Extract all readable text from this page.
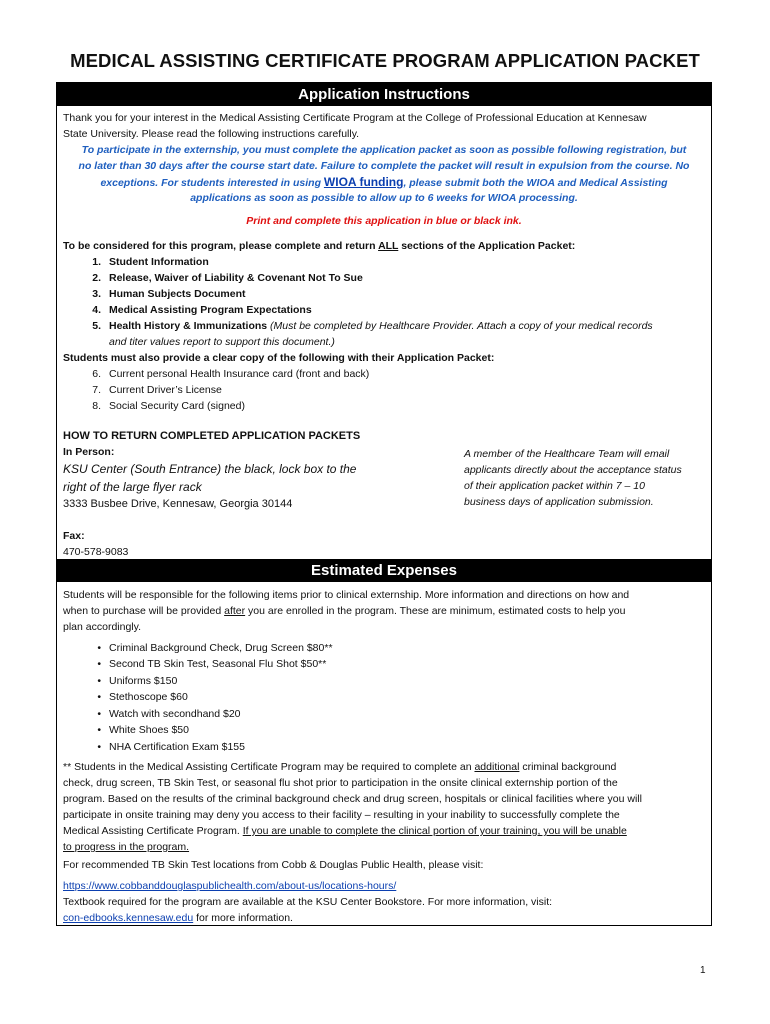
MEDICAL ASSISTING CERTIFICATE PROGRAM APPLICATION PACKET
Application Instructions
Thank you for your interest in the Medical Assisting Certificate Program at the College of Professional Education at Kennesaw
State University. Please read the following instructions carefully.
To participate in the externship, you must complete the application packet as soon as possible following registration, but
no later than 30 days after the course start date. Failure to complete the packet will result in expulsion from the course. No
exceptions. For students interested in using WIOA funding, please submit both the WIOA and Medical Assisting
applications as soon as possible to allow up to 6 weeks for WIOA processing.
Print and complete this application in blue or black ink.
To be considered for this program, please complete and return ALL sections of the Application Packet:
1. Student Information
2. Release, Waiver of Liability & Covenant Not To Sue
3. Human Subjects Document
4. Medical Assisting Program Expectations
5. Health History & Immunizations (Must be completed by Healthcare Provider. Attach a copy of your medical records
and titer values report to support this document.)
Students must also provide a clear copy of the following with their Application Packet:
6. Current personal Health Insurance card (front and back)
7. Current Driver’s License
8. Social Security Card (signed)
HOW TO RETURN COMPLETED APPLICATION PACKETS
In Person:
KSU Center (South Entrance) the black, lock box to the
right of the large flyer rack
3333 Busbee Drive, Kennesaw, Georgia 30144
A member of the Healthcare Team will email
applicants directly about the acceptance status
of their application packet within 7 – 10
business days of application submission.
Fax:
470-578-9083
Estimated Expenses
Students will be responsible for the following items prior to clinical externship. More information and directions on how and
when to purchase will be provided after you are enrolled in the program. These are minimum, estimated costs to help you
plan accordingly.
• Criminal Background Check, Drug Screen $80**
• Second TB Skin Test, Seasonal Flu Shot $50**
• Uniforms $150
• Stethoscope $60
• Watch with secondhand $20
• White Shoes $50
• NHA Certification Exam $155
** Students in the Medical Assisting Certificate Program may be required to complete an additional criminal background
check, drug screen, TB Skin Test, or seasonal flu shot prior to participation in the onsite clinical externship portion of the
program. Based on the results of the criminal background check and drug screen, hospitals or clinical facilities where you will
participate in onsite training may deny you access to their facility – resulting in your inability to successfully complete the
Medical Assisting Certificate Program. If you are unable to complete the clinical portion of your training, you will be unable
to progress in the program.
For recommended TB Skin Test locations from Cobb & Douglas Public Health, please visit:
https://www.cobbanddouglaspublichealth.com/about-us/locations-hours/
Textbook required for the program are available at the KSU Center Bookstore. For more information, visit:
con-edbooks.kennesaw.edu for more information.
1
